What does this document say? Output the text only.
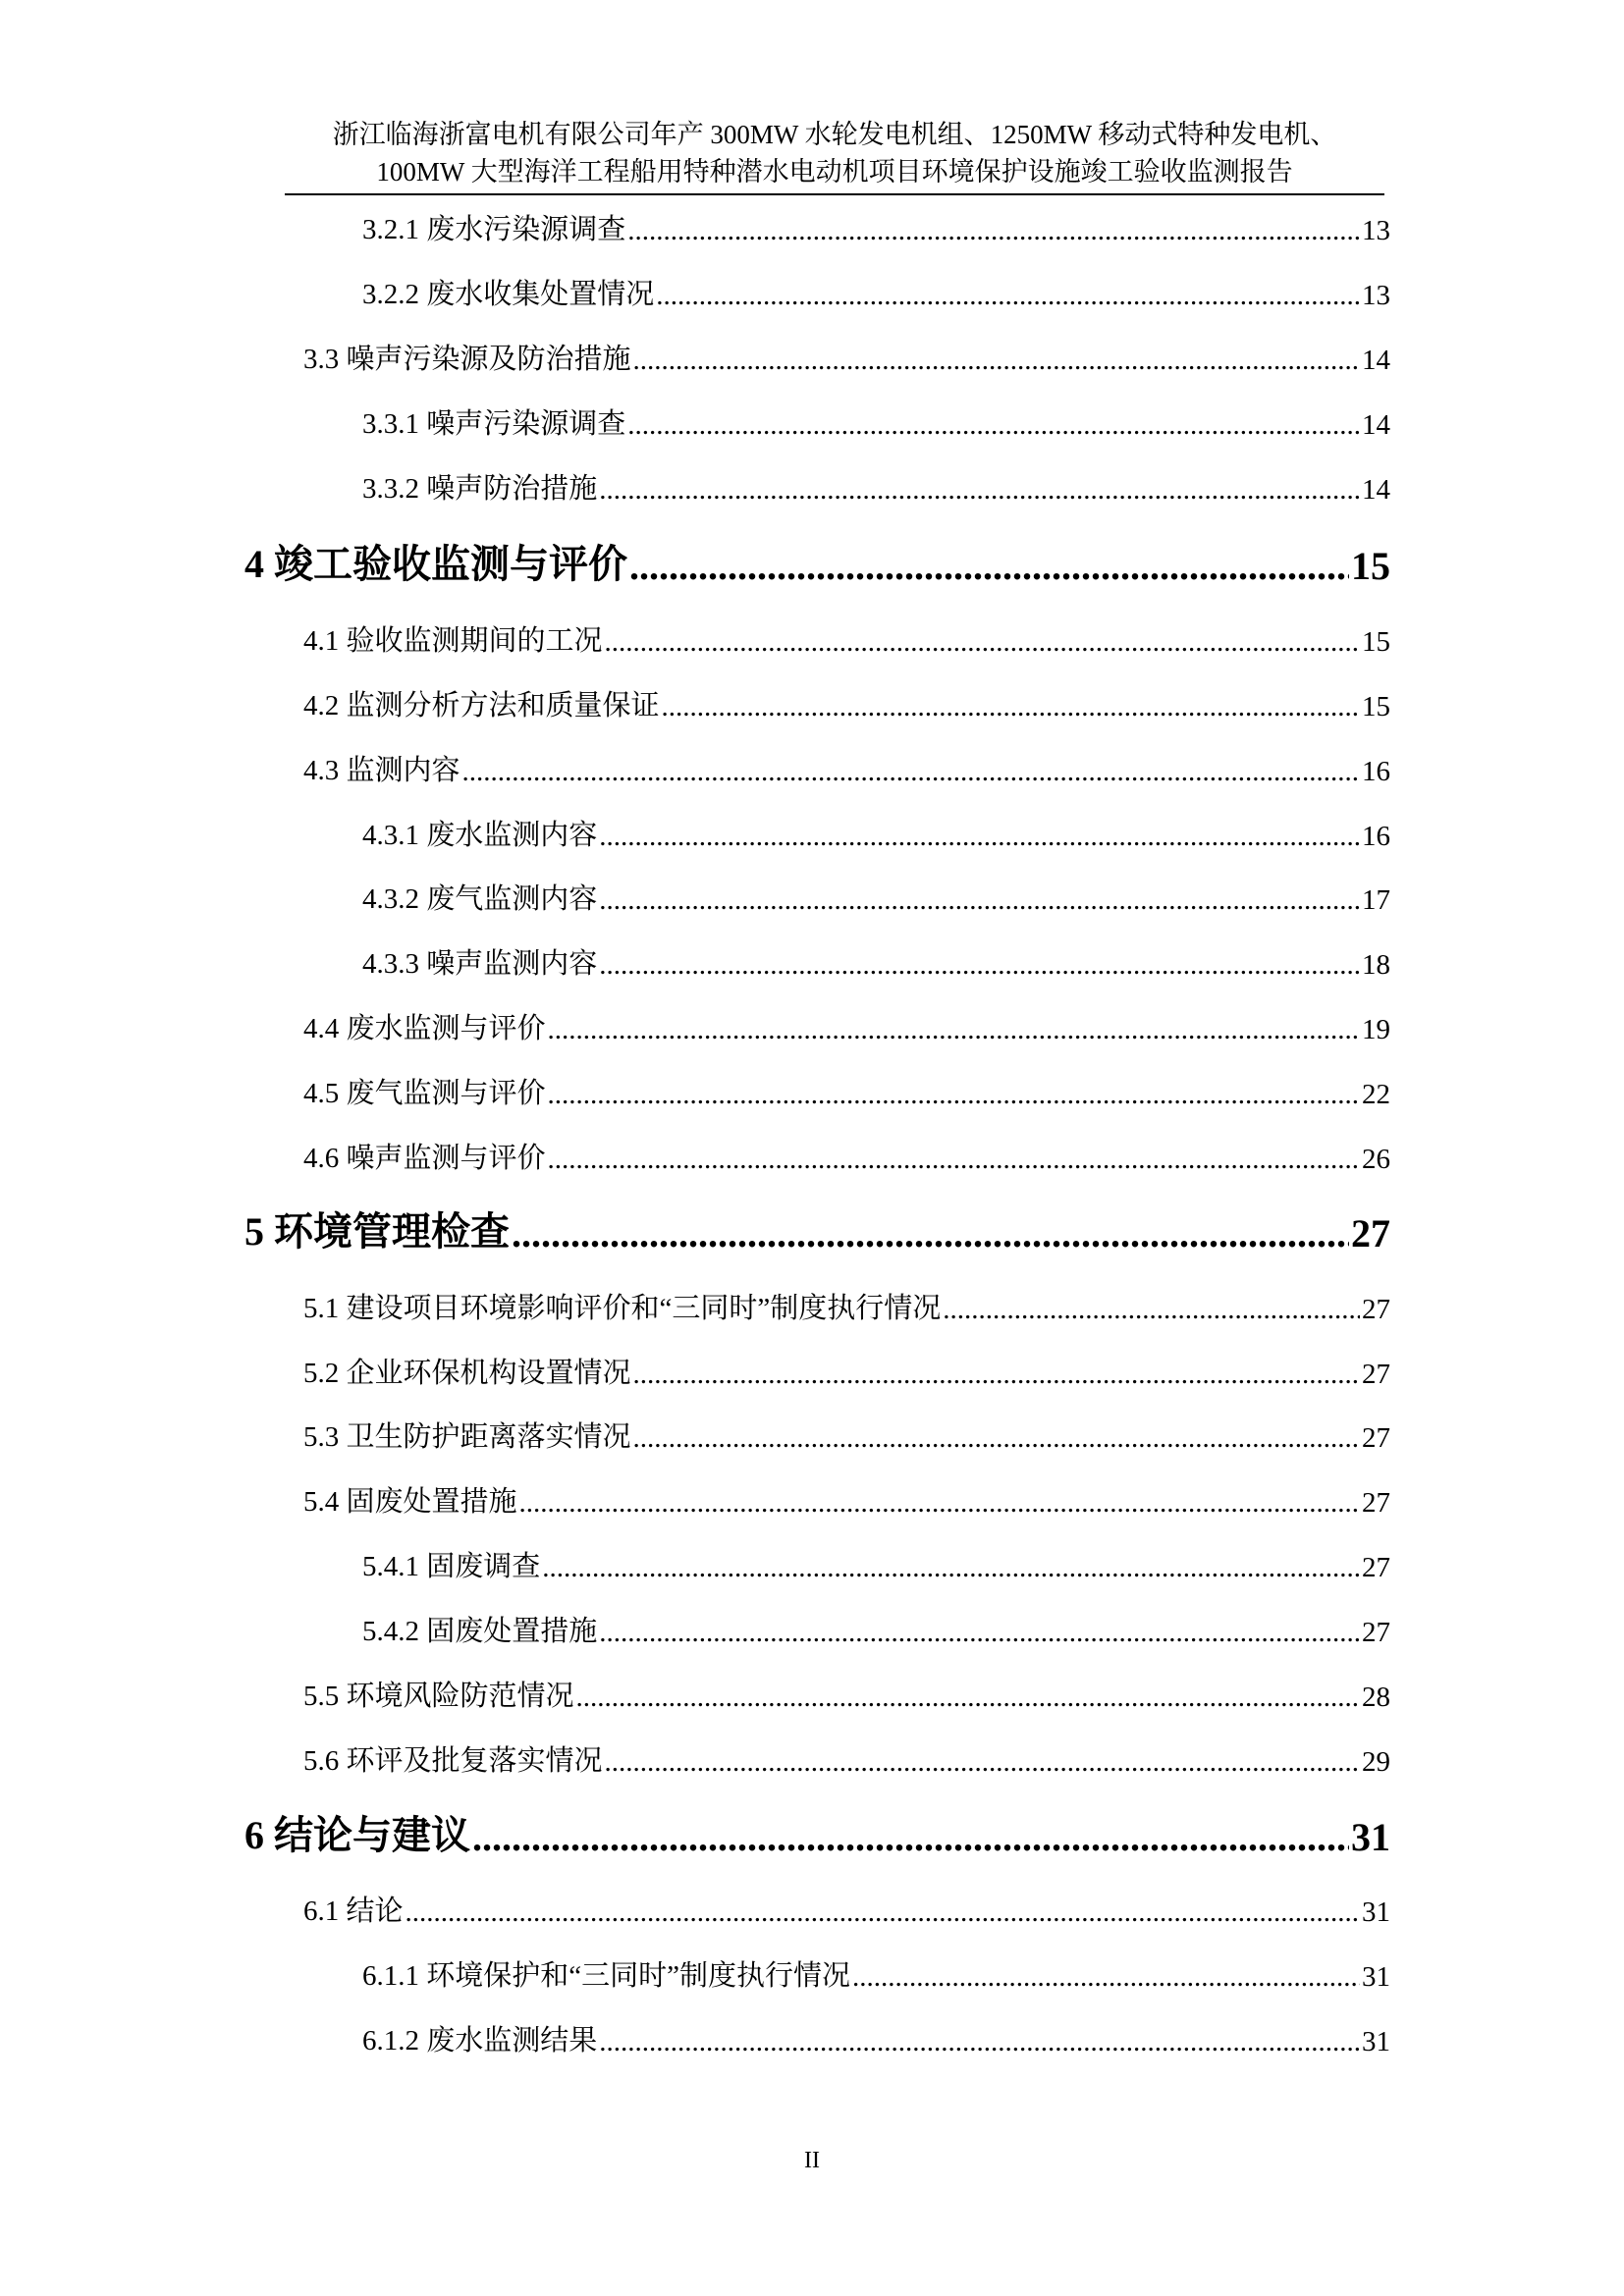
浙江临海浙富电机有限公司年产 300MW 水轮发电机组、1250MW 移动式特种发电机、
100MW 大型海洋工程船用特种潜水电动机项目环境保护设施竣工验收监测报告
3.2.1 废水污染源调查 .....	13
3.2.2 废水收集处置情况 .....	13
3.3 噪声污染源及防治措施 .....	14
3.3.1 噪声污染源调查 .....	14
3.3.2 噪声防治措施 .....	14
4 竣工验收监测与评价 .....	15
4.1 验收监测期间的工况 .....	15
4.2 监测分析方法和质量保证 .....	15
4.3 监测内容 .....	16
4.3.1 废水监测内容 .....	16
4.3.2 废气监测内容 .....	17
4.3.3 噪声监测内容 .....	18
4.4 废水监测与评价 .....	19
4.5 废气监测与评价 .....	22
4.6 噪声监测与评价 .....	26
5 环境管理检查 .....	27
5.1 建设项目环境影响评价和“三同时”制度执行情况 .....	27
5.2 企业环保机构设置情况 .....	27
5.3 卫生防护距离落实情况 .....	27
5.4 固废处置措施 .....	27
5.4.1 固废调查 .....	27
5.4.2 固废处置措施 .....	27
5.5 环境风险防范情况 .....	28
5.6 环评及批复落实情况 .....	29
6 结论与建议 .....	31
6.1 结论 .....	31
6.1.1 环境保护和“三同时”制度执行情况 .....	31
6.1.2 废水监测结果 .....	31
II
